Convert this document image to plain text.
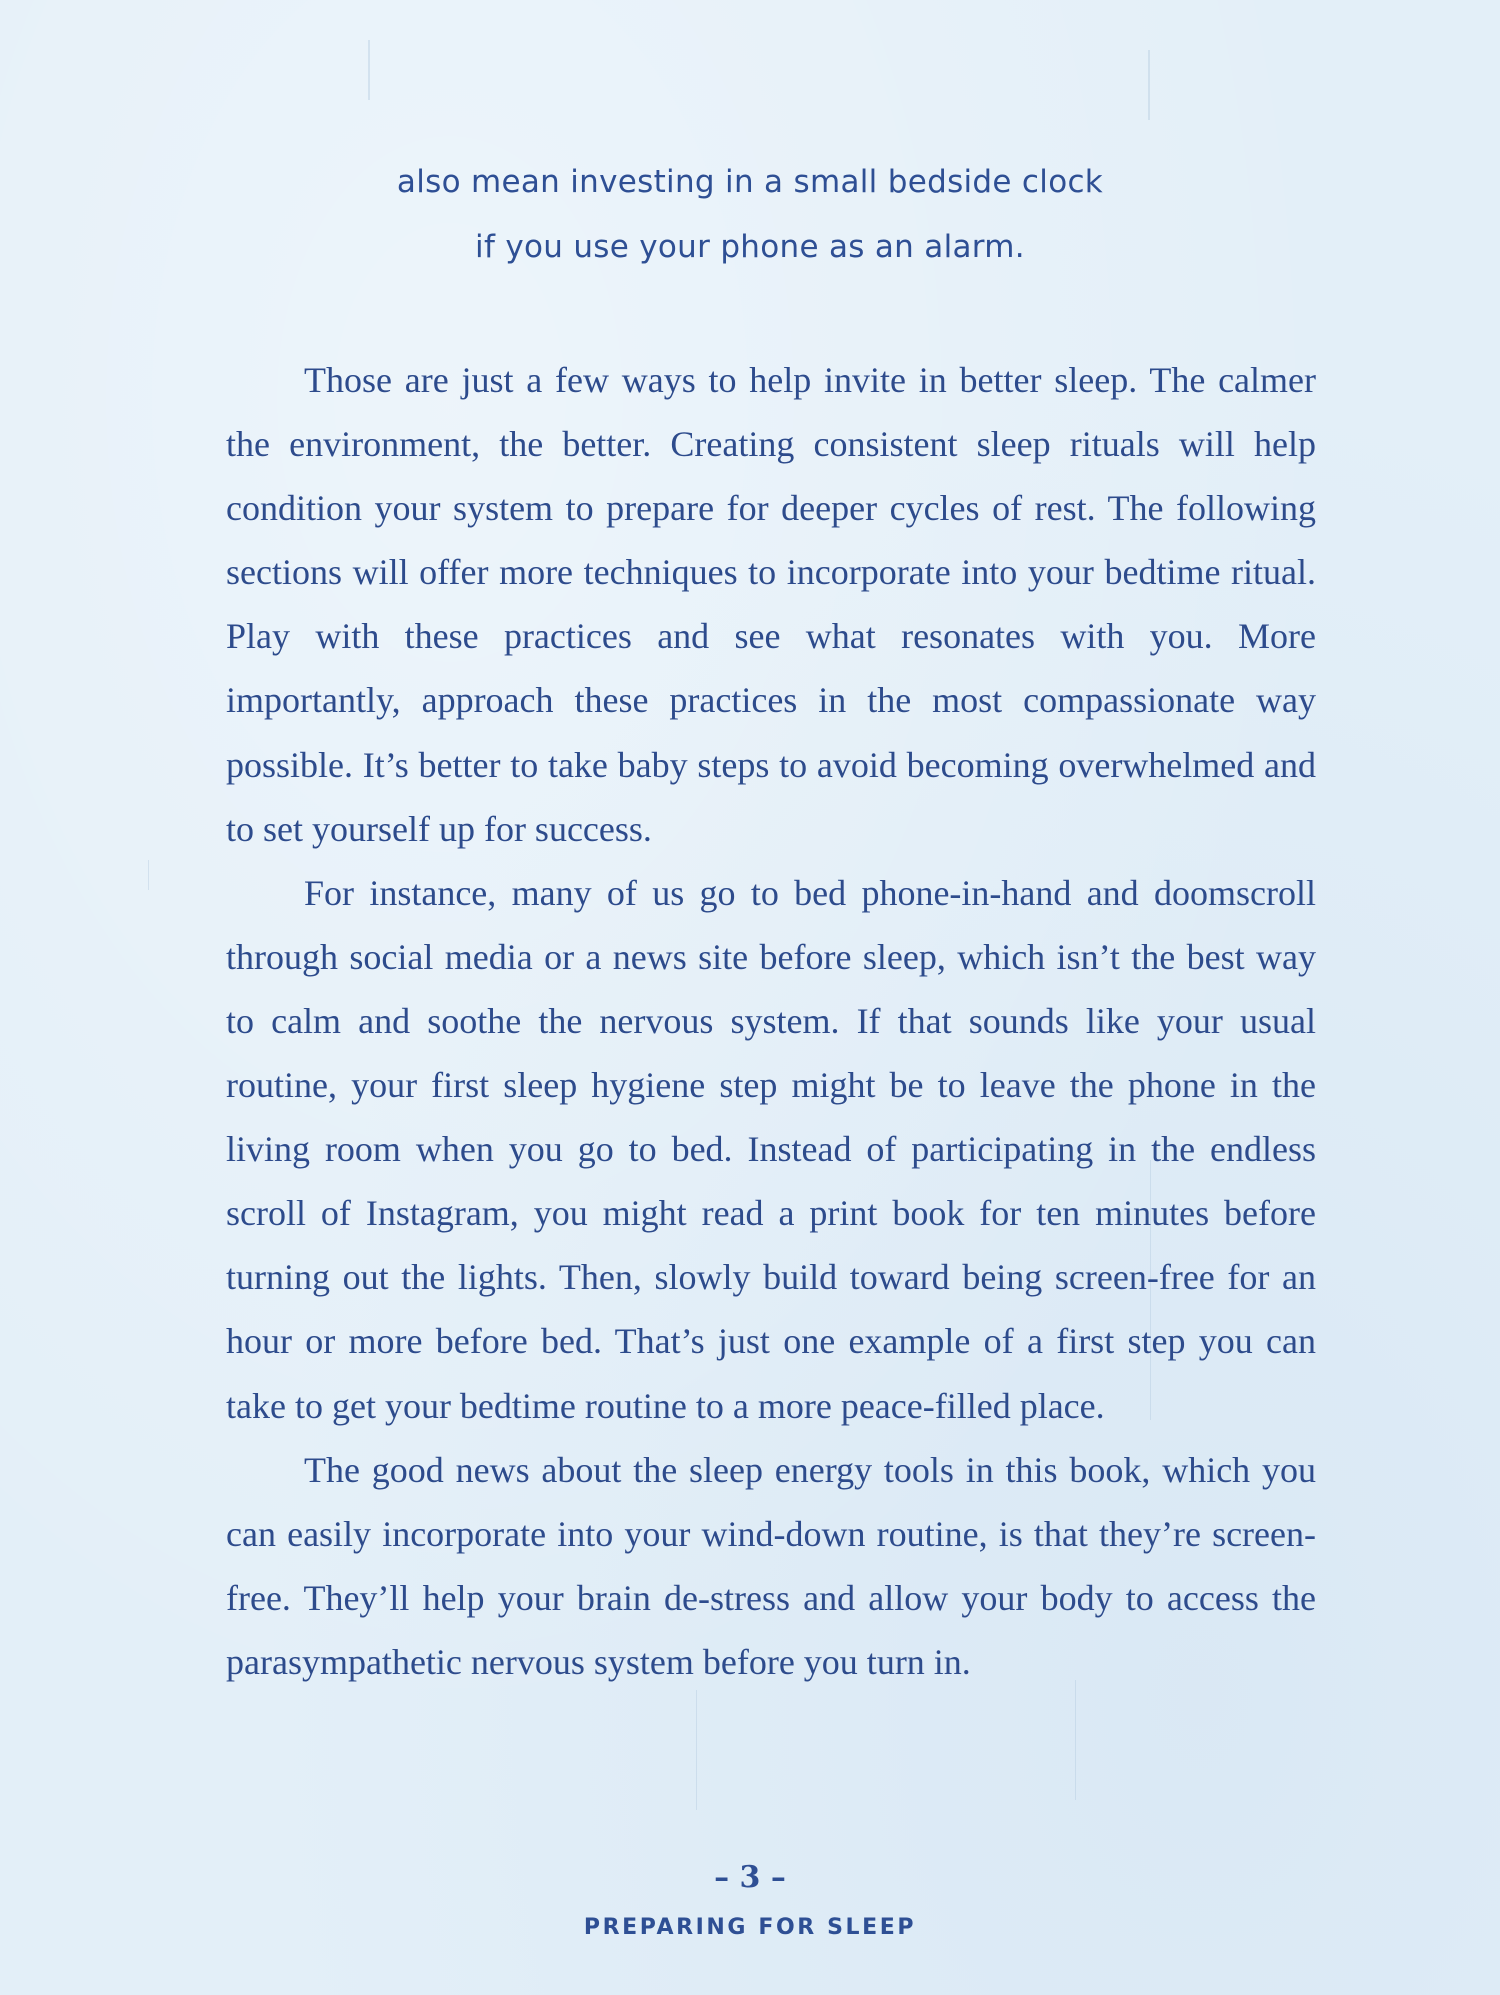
also mean investing in a small bedside clock
if you use your phone as an alarm.

Those are just a few ways to help invite in better sleep. The calmer the environment, the better. Creating consistent sleep rituals will help condition your system to prepare for deeper cycles of rest. The following sections will offer more techniques to incorporate into your bedtime ritual. Play with these practices and see what resonates with you. More importantly, approach these practices in the most compassionate way possible. It’s better to take baby steps to avoid becoming overwhelmed and to set yourself up for success.

For instance, many of us go to bed phone-in-hand and doomscroll through social media or a news site before sleep, which isn’t the best way to calm and soothe the nervous system. If that sounds like your usual routine, your first sleep hygiene step might be to leave the phone in the living room when you go to bed. Instead of participating in the endless scroll of Instagram, you might read a print book for ten minutes before turning out the lights. Then, slowly build toward being screen-free for an hour or more before bed. That’s just one example of a first step you can take to get your bedtime routine to a more peace-filled place.

The good news about the sleep energy tools in this book, which you can easily incorporate into your wind-down routine, is that they’re screen-free. They’ll help your brain de-stress and allow your body to access the parasympathetic nervous system before you turn in.

– 3 –
PREPARING FOR SLEEP
